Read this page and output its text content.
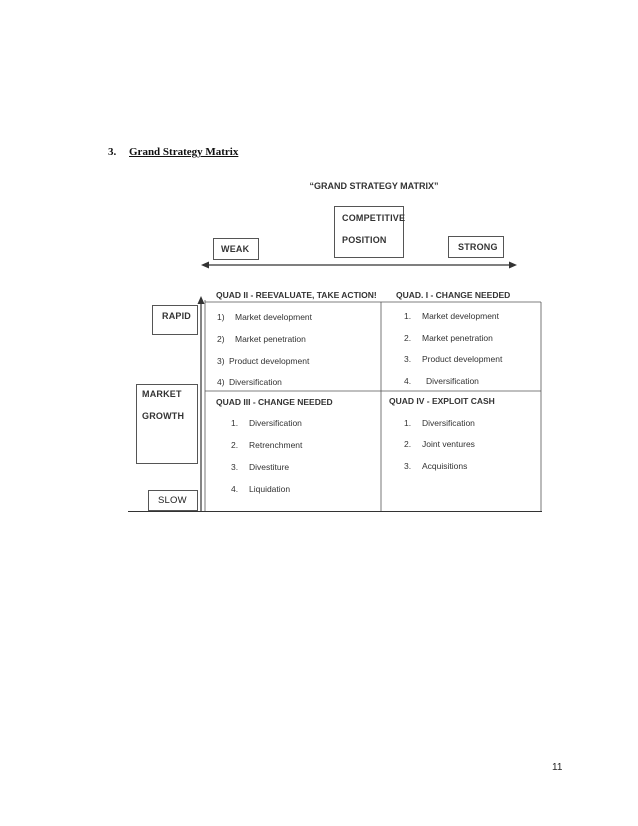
3. Grand Strategy Matrix
“GRAND STRATEGY MATRIX”
COMPETITIVE
POSITION
WEAK	STRONG
RAPID
MARKET
GROWTH
SLOW
QUAD II - REEVALUATE, TAKE ACTION!
1) Market development
2) Market penetration
3) Product development
4) Diversification
QUAD. I - CHANGE NEEDED
1. Market development
2. Market penetration
3. Product development
4. Diversification
QUAD III - CHANGE NEEDED
1. Diversification
2. Retrenchment
3. Divestiture
4. Liquidation
QUAD IV - EXPLOIT CASH
1. Diversification
2. Joint ventures
3. Acquisitions
11
